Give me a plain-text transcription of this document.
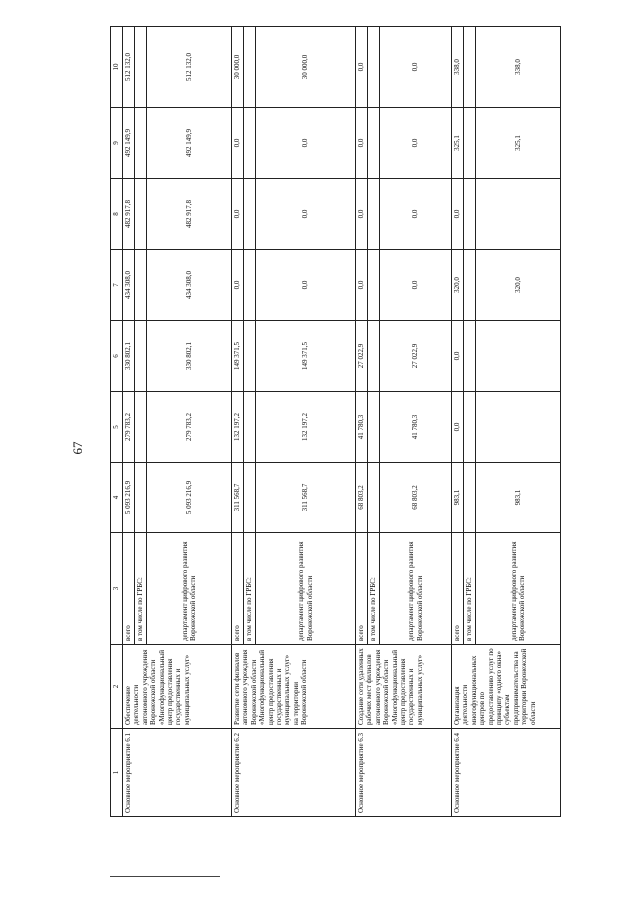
67
1	2	3	4	5	6	7	8	9	10
Основное мероприятие 6.1	Обеспечение деятельности автономного учреждения Воронежской области «Многофункциональный центр предоставления государственных и муниципальных услуг»	всего	5 093 216,9	279 783,2	330 802,1	434 308,0	482 917,8	492 149,9	512 132,0
		в том числе по ГРБС:							
		департамент цифрового развития Воронежской области	5 093 216,9	279 783,2	330 802,1	434 308,0	482 917,8	492 149,9	512 132,0
Основное мероприятие 6.2	Развитие сети филиалов автономного учреждения Воронежской области «Многофункциональный центр предоставления государственных и муниципальных услуг» на территории Воронежской области	всего	311 568,7	132 197,2	149 371,5	0,0	0,0	0,0	30 000,0
		в том числе по ГРБС:							
		департамент цифрового развития Воронежской области	311 568,7	132 197,2	149 371,5	0,0	0,0	0,0	30 000,0
Основное мероприятие 6.3	Создание сети удаленных рабочих мест филиалов автономного учреждения Воронежской области «Многофункциональный центр предоставления государственных и муниципальных услуг»	всего	68 803,2	41 780,3	27 022,9	0,0	0,0	0,0	0,0
		в том числе по ГРБС:							
		департамент цифрового развития Воронежской области	68 803,2	41 780,3	27 022,9	0,0	0,0	0,0	0,0
Основное мероприятие 6.4	Организация деятельности многофункциональных центров по предоставлению услуг по принципу «одного окна» субъектам предпринимательства на территории Воронежской области	всего	983,1	0,0	0,0	320,0	0,0	325,1	338,0
		в том числе по ГРБС:							
		департамент цифрового развития Воронежской области	983,1			320,0		325,1	338,0
